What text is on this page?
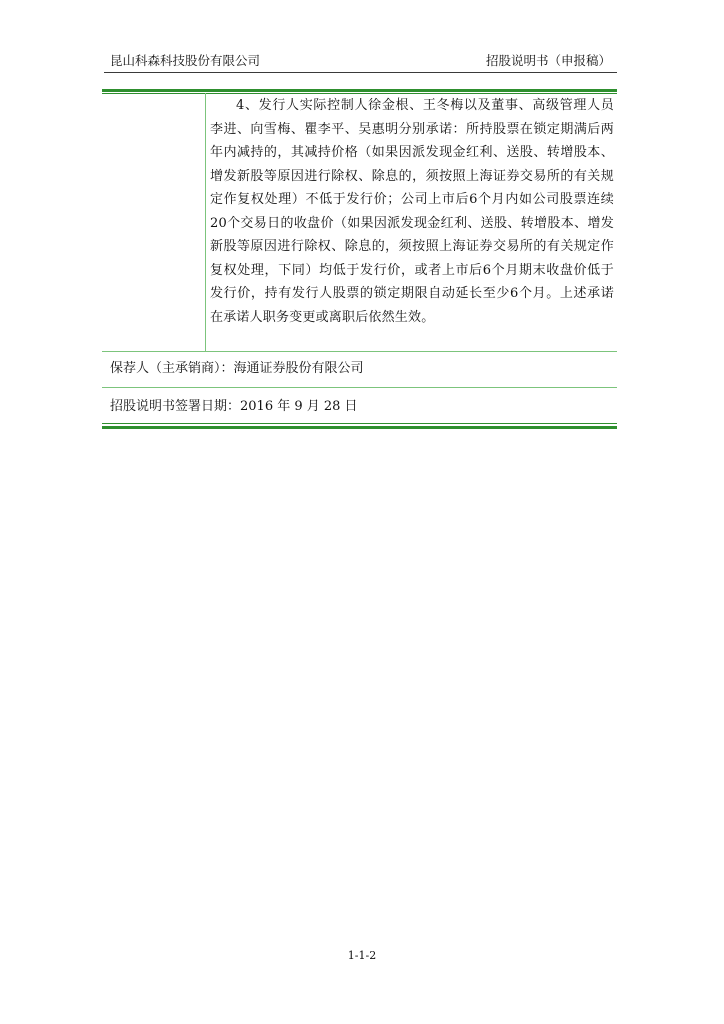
昆山科森科技股份有限公司	招股说明书（申报稿）
4、发行人实际控制人徐金根、王冬梅以及董事、高级管理人员李进、向雪梅、瞿李平、吴惠明分别承诺：所持股票在锁定期满后两年内减持的，其减持价格（如果因派发现金红利、送股、转增股本、增发新股等原因进行除权、除息的，须按照上海证券交易所的有关规定作复权处理）不低于发行价；公司上市后6个月内如公司股票连续20个交易日的收盘价（如果因派发现金红利、送股、转增股本、增发新股等原因进行除权、除息的，须按照上海证券交易所的有关规定作复权处理，下同）均低于发行价，或者上市后6个月期末收盘价低于发行价，持有发行人股票的锁定期限自动延长至少6个月。上述承诺在承诺人职务变更或离职后依然生效。
保荐人（主承销商）：海通证券股份有限公司
招股说明书签署日期：2016 年 9 月 28 日
1-1-2
